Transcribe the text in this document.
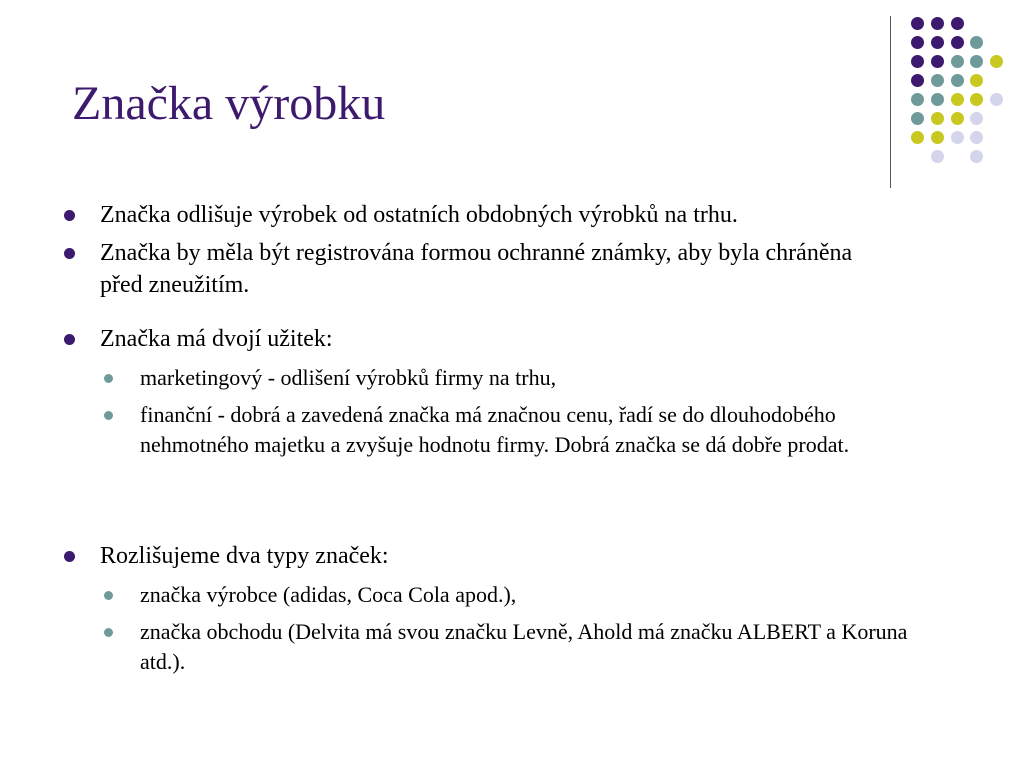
Značka výrobku
Značka odlišuje výrobek od ostatních obdobných výrobků na trhu.
Značka by měla být registrována formou ochranné známky, aby byla chráněna před zneužitím.
Značka má dvojí užitek:
marketingový - odlišení výrobků firmy na trhu,
finanční - dobrá a zavedená značka má značnou cenu, řadí se do dlouhodobého nehmotného majetku a zvyšuje hodnotu firmy. Dobrá značka se dá dobře prodat.
Rozlišujeme dva typy značek:
značka výrobce (adidas, Coca Cola apod.),
značka obchodu (Delvita má svou značku Levně, Ahold má značku ALBERT a Koruna atd.).
